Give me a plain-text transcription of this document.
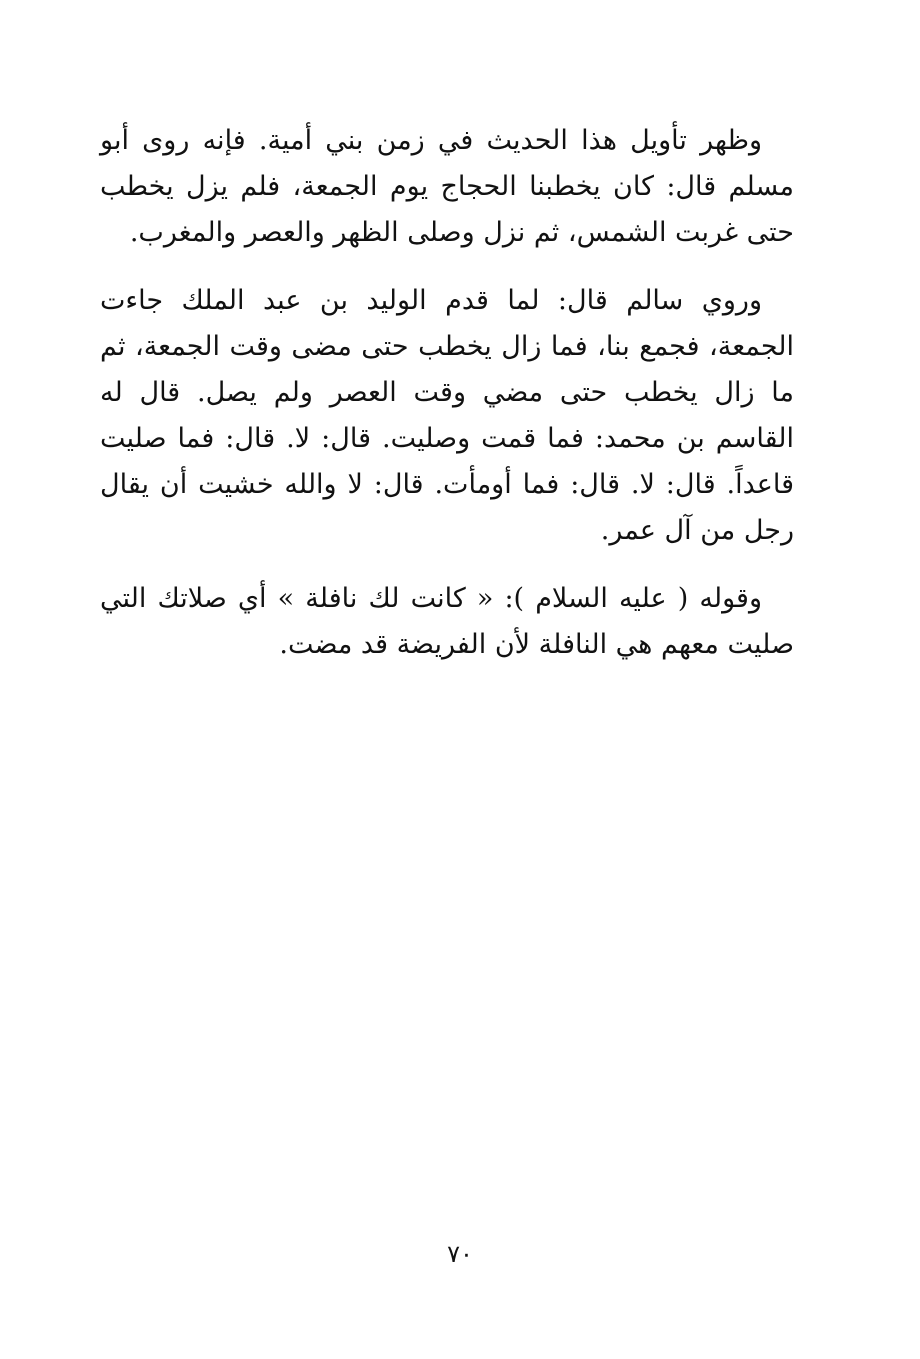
وظهر تأويل هذا الحديث في زمن بني أمية. فإنه روى أبو مسلم قال: كان يخطبنا الحجاج يوم الجمعة، فلم يزل يخطب حتى غربت الشمس، ثم نزل وصلى الظهر والعصر والمغرب.

وروي سالم قال: لما قدم الوليد بن عبد الملك جاءت الجمعة، فجمع بنا، فما زال يخطب حتى مضى وقت الجمعة، ثم ما زال يخطب حتى مضي وقت العصر ولم يصل. قال له القاسم بن محمد: فما قمت وصليت. قال: لا. قال: فما صليت قاعداً. قال: لا. قال: فما أومأت. قال: لا والله خشيت أن يقال رجل من آل عمر.

وقوله ( عليه السلام ): « كانت لك نافلة » أي صلاتك التي صليت معهم هي النافلة لأن الفريضة قد مضت.

٧٠
